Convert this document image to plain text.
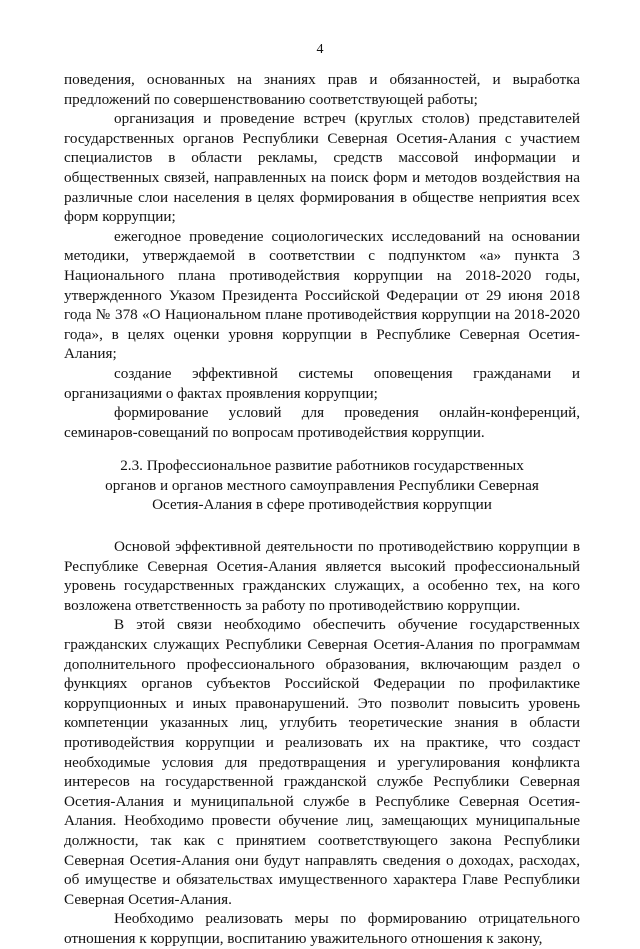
4

поведения, основанных на знаниях прав и обязанностей, и выработка предложений по совершенствованию соответствующей работы;

организация и проведение встреч (круглых столов) представителей государственных органов Республики Северная Осетия-Алания с участием специалистов в области рекламы, средств массовой информации и общественных связей, направленных на поиск форм и методов воздействия на различные слои населения в целях формирования в обществе неприятия всех форм коррупции;

ежегодное проведение социологических исследований на основании методики, утверждаемой в соответствии с подпунктом «а» пункта 3 Национального плана противодействия коррупции на 2018-2020 годы, утвержденного Указом Президента Российской Федерации от 29 июня 2018 года № 378 «О Национальном плане противодействия коррупции на 2018-2020 года», в целях оценки уровня коррупции в Республике Северная Осетия-Алания;

создание эффективной системы оповещения гражданами и организациями о фактах проявления коррупции;

формирование условий для проведения онлайн-конференций, семинаров-совещаний по вопросам противодействия коррупции.

2.3. Профессиональное развитие работников государственных органов и органов местного самоуправления Республики Северная Осетия-Алания в сфере противодействия коррупции

Основой эффективной деятельности по противодействию коррупции в Республике Северная Осетия-Алания является высокий профессиональный уровень государственных гражданских служащих, а особенно тех, на кого возложена ответственность за работу по противодействию коррупции.

В этой связи необходимо обеспечить обучение государственных гражданских служащих Республики Северная Осетия-Алания по программам дополнительного профессионального образования, включающим раздел о функциях органов субъектов Российской Федерации по профилактике коррупционных и иных правонарушений. Это позволит повысить уровень компетенции указанных лиц, углубить теоретические знания в области противодействия коррупции и реализовать их на практике, что создаст необходимые условия для предотвращения и урегулирования конфликта интересов на государственной гражданской службе Республики Северная Осетия-Алания и муниципальной службе в Республике Северная Осетия-Алания. Необходимо провести обучение лиц, замещающих муниципальные должности, так как с принятием соответствующего закона Республики Северная Осетия-Алания они будут направлять сведения о доходах, расходах, об имуществе и обязательствах имущественного характера Главе Республики Северная Осетия-Алания.

Необходимо реализовать меры по формированию отрицательного отношения к коррупции, воспитанию уважительного отношения к закону,
